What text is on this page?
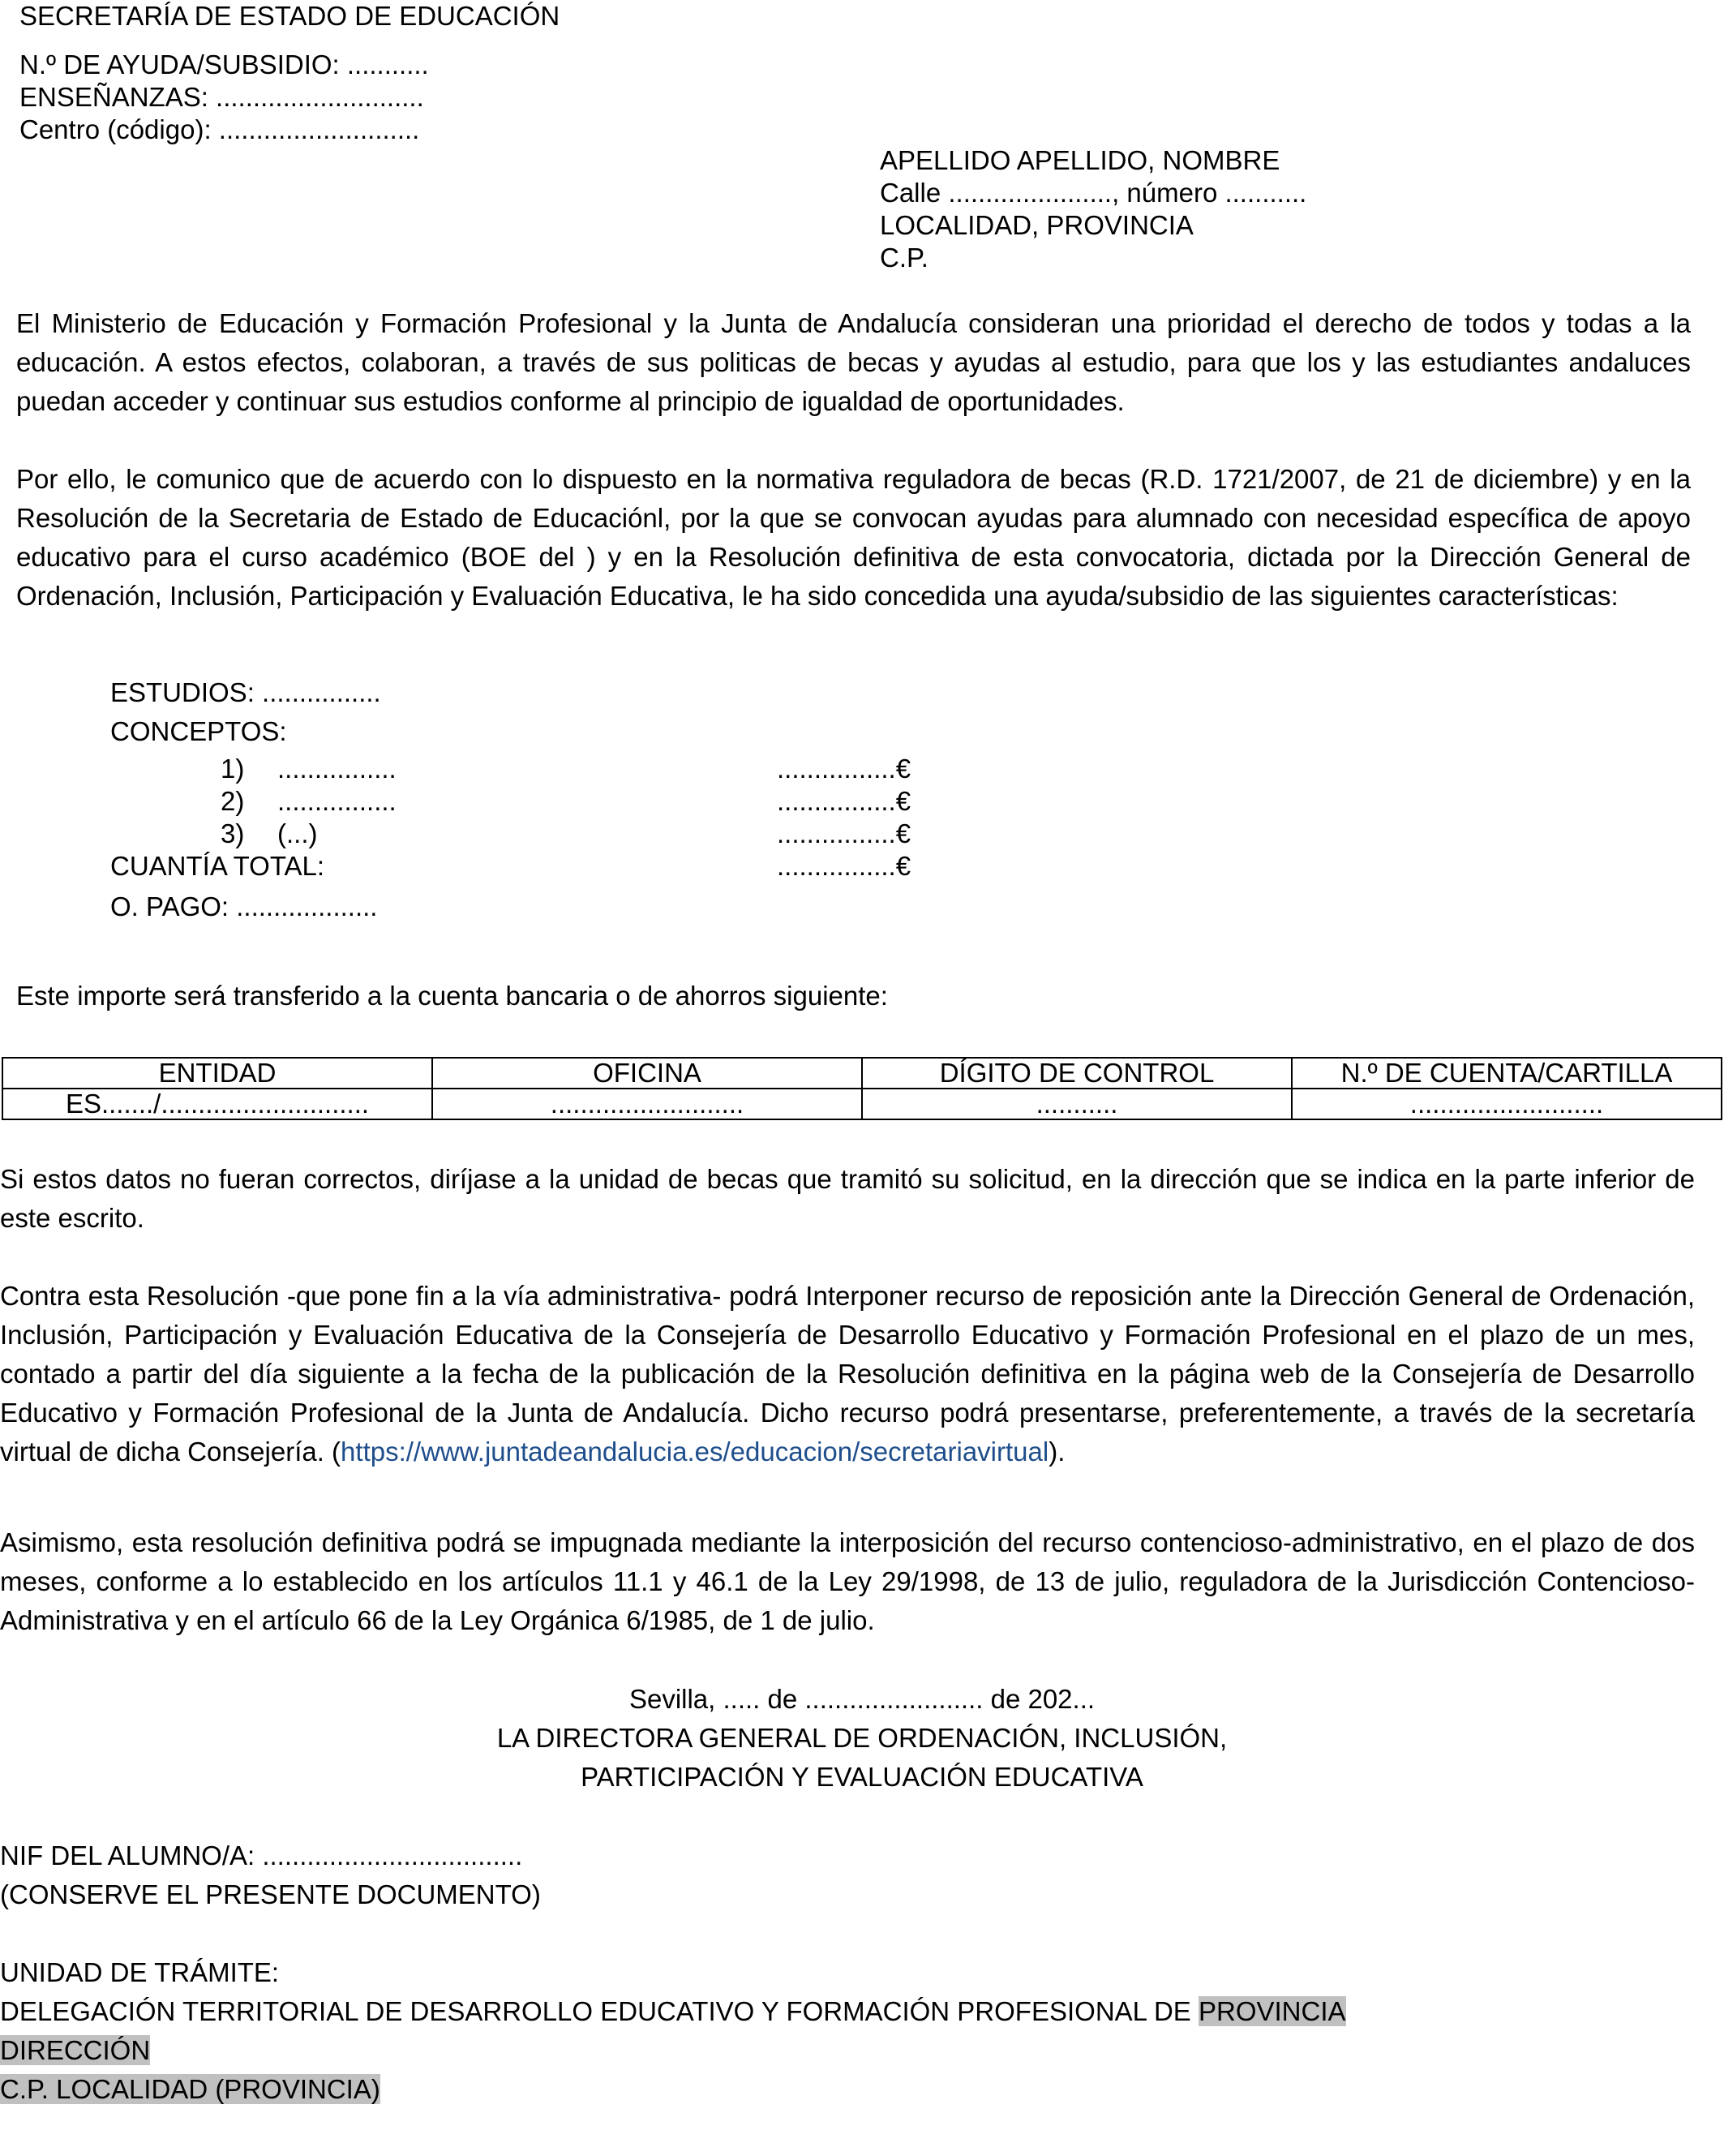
SECRETARÍA DE ESTADO DE EDUCACIÓN
N.º DE AYUDA/SUBSIDIO: ...........
ENSEÑANZAS: ............................
Centro (código): ...........................
APELLIDO APELLIDO, NOMBRE
Calle ......................, número ...........
LOCALIDAD, PROVINCIA
C.P.
El Ministerio de Educación y Formación Profesional y la Junta de Andalucía consideran una prioridad el derecho de todos y todas a la educación. A estos efectos, colaboran, a través de sus politicas de becas y ayudas al estudio, para que los y las estudiantes andaluces puedan acceder y continuar sus estudios conforme al principio de igualdad de oportunidades.
Por ello, le comunico que de acuerdo con lo dispuesto en la normativa reguladora de becas (R.D. 1721/2007, de 21 de diciembre) y en la Resolución de la Secretaria de Estado de Educaciónl, por la que se convocan ayudas para alumnado con necesidad específica de apoyo educativo para el curso académico (BOE del ) y en la Resolución definitiva de esta convocatoria, dictada por la Dirección General de Ordenación, Inclusión, Participación y Evaluación Educativa, le ha sido concedida una ayuda/subsidio de las siguientes características:
ESTUDIOS: ................
CONCEPTOS:
1) ................	................€
2) ................	................€
3) (...)	................€
CUANTÍA TOTAL:	................€
O. PAGO: ...................
Este importe será transferido a la cuenta bancaria o de ahorros siguiente:
ENTIDAD	OFICINA	DÍGITO DE CONTROL	N.º DE CUENTA/CARTILLA
ES......./............................	..........................	...........	..........................
Si estos datos no fueran correctos, diríjase a la unidad de becas que tramitó su solicitud, en la dirección que se indica en la parte inferior de este escrito.
Contra esta Resolución -que pone fin a la vía administrativa- podrá Interponer recurso de reposición ante la Dirección General de Ordenación, Inclusión, Participación y Evaluación Educativa de la Consejería de Desarrollo Educativo y Formación Profesional en el plazo de un mes, contado a partir del día siguiente a la fecha de la publicación de la Resolución definitiva en la página web de la Consejería de Desarrollo Educativo y Formación Profesional de la Junta de Andalucía. Dicho recurso podrá presentarse, preferentemente, a través de la secretaría virtual de dicha Consejería. (https://www.juntadeandalucia.es/educacion/secretariavirtual).
Asimismo, esta resolución definitiva podrá se impugnada mediante la interposición del recurso contencioso-administrativo, en el plazo de dos meses, conforme a lo establecido en los artículos 11.1 y 46.1 de la Ley 29/1998, de 13 de julio, reguladora de la Jurisdicción Contencioso-Administrativa y en el artículo 66 de la Ley Orgánica 6/1985, de 1 de julio.
Sevilla, ..... de ........................ de 202...
LA DIRECTORA GENERAL DE ORDENACIÓN, INCLUSIÓN,
PARTICIPACIÓN Y EVALUACIÓN EDUCATIVA
NIF DEL ALUMNO/A: ...................................
(CONSERVE EL PRESENTE DOCUMENTO)
UNIDAD DE TRÁMITE:
DELEGACIÓN TERRITORIAL DE DESARROLLO EDUCATIVO Y FORMACIÓN PROFESIONAL DE PROVINCIA
DIRECCIÓN
C.P. LOCALIDAD (PROVINCIA)
